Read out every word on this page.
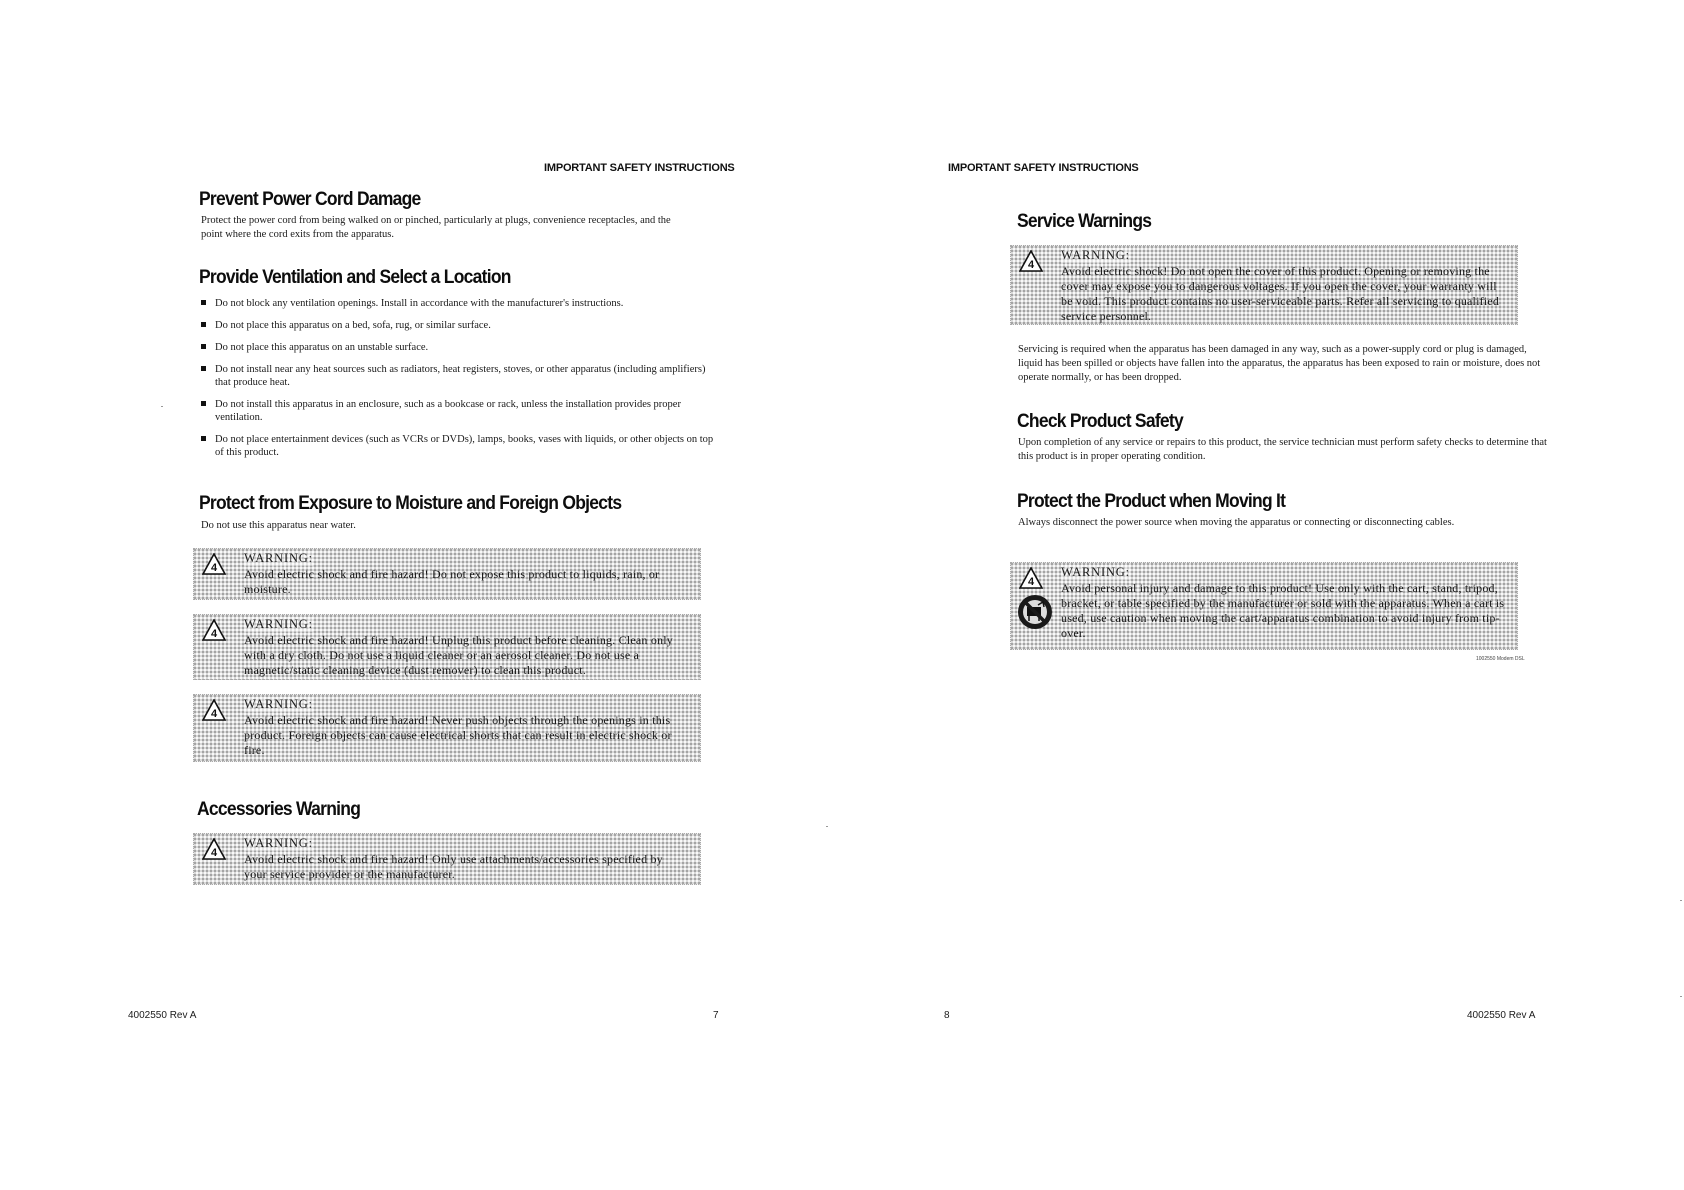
IMPORTANT SAFETY INSTRUCTIONS
Prevent Power Cord Damage

Protect the power cord from being walked on or pinched, particularly at plugs, convenience receptacles, and the point where the cord exits from the apparatus.

Provide Ventilation and Select a Location
Do not block any ventilation openings. Install in accordance with the manufacturer's instructions.
Do not place this apparatus on a bed, sofa, rug, or similar surface.
Do not place this apparatus on an unstable surface.
Do not install near any heat sources such as radiators, heat registers, stoves, or other apparatus (including amplifiers) that produce heat.
Do not install this apparatus in an enclosure, such as a bookcase or rack, unless the installation provides proper ventilation.
Do not place entertainment devices (such as VCRs or DVDs), lamps, books, vases with liquids, or other objects on top of this product.
Protect from Exposure to Moisture and Foreign Objects

Do not use this apparatus near water.

4
WARNING:
Avoid electric shock and fire hazard! Do not expose this product to liquids, rain, or moisture.
4
WARNING:
Avoid electric shock and fire hazard! Unplug this product before cleaning. Clean only with a dry cloth. Do not use a liquid cleaner or an aerosol cleaner. Do not use a magnetic/static cleaning device (dust remover) to clean this product.
4
WARNING:
Avoid electric shock and fire hazard! Never push objects through the openings in this product. Foreign objects can cause electrical shorts that can result in electric shock or fire.
Accessories Warning
4
WARNING:
Avoid electric shock and fire hazard! Only use attachments/accessories specified by your service provider or the manufacturer.
4002550 Rev A	7
IMPORTANT SAFETY INSTRUCTIONS
Service Warnings
4
WARNING:
Avoid electric shock! Do not open the cover of this product. Opening or removing the cover may expose you to dangerous voltages. If you open the cover, your warranty will be void. This product contains no user-serviceable parts. Refer all servicing to qualified service personnel.

Servicing is required when the apparatus has been damaged in any way, such as a power-supply cord or plug is damaged, liquid has been spilled or objects have fallen into the apparatus, the apparatus has been exposed to rain or moisture, does not operate normally, or has been dropped.

Check Product Safety

Upon completion of any service or repairs to this product, the service technician must perform safety checks to determine that this product is in proper operating condition.

Protect the Product when Moving It

Always disconnect the power source when moving the apparatus or connecting or disconnecting cables.

4
WARNING:
Avoid personal injury and damage to this product! Use only with the cart, stand, tripod, bracket, or table specified by the manufacturer or sold with the apparatus. When a cart is used, use caution when moving the cart/apparatus combination to avoid injury from tip-over.
1002550 Modem DSL
8	4002550 Rev A
